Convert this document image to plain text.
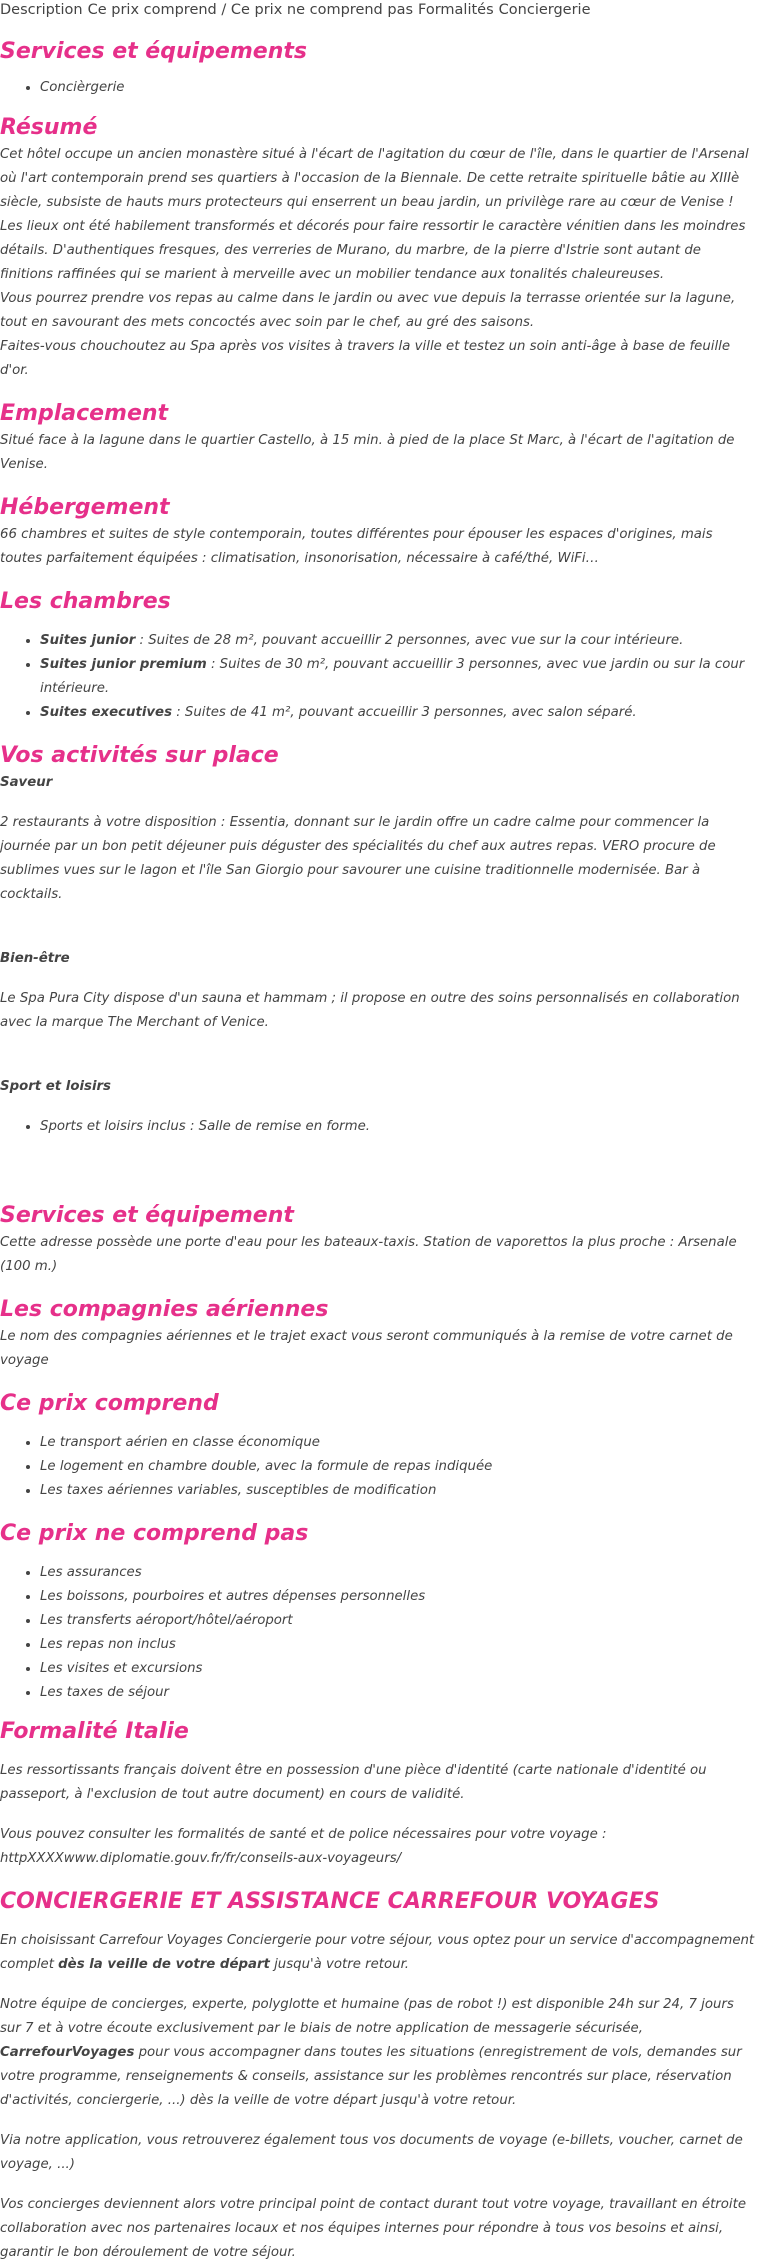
Description Ce prix comprend / Ce prix ne comprend pas Formalités Conciergerie
Services et équipements
• Concièrgerie
Résumé

Cet hôtel occupe un ancien monastère situé à l'écart de l'agitation du cœur de l'île, dans le quartier de l'Arsenal où l'art contemporain prend ses quartiers à l'occasion de la Biennale. De cette retraite spirituelle bâtie au XIIIè siècle, subsiste de hauts murs protecteurs qui enserrent un beau jardin, un privilège rare au cœur de Venise ! Les lieux ont été habilement transformés et décorés pour faire ressortir le caractère vénitien dans les moindres détails. D'authentiques fresques, des verreries de Murano, du marbre, de la pierre d'Istrie sont autant de finitions raffinées qui se marient à merveille avec un mobilier tendance aux tonalités chaleureuses.

Vous pourrez prendre vos repas au calme dans le jardin ou avec vue depuis la terrasse orientée sur la lagune, tout en savourant des mets concoctés avec soin par le chef, au gré des saisons.

Faites-vous chouchoutez au Spa après vos visites à travers la ville et testez un soin anti-âge à base de feuille d'or.

Emplacement

Situé face à la lagune dans le quartier Castello, à 15 min. à pied de la place St Marc, à l'écart de l'agitation de Venise.

Hébergement

66 chambres et suites de style contemporain, toutes différentes pour épouser les espaces d'origines, mais toutes parfaitement équipées : climatisation, insonorisation, nécessaire à café/thé, WiFi…

Les chambres
• Suites junior : Suites de 28 m², pouvant accueillir 2 personnes, avec vue sur la cour intérieure.
• Suites junior premium : Suites de 30 m², pouvant accueillir 3 personnes, avec vue jardin ou sur la cour intérieure.
• Suites executives : Suites de 41 m², pouvant accueillir 3 personnes, avec salon séparé.
Vos activités sur place
Saveur

2 restaurants à votre disposition : Essentia, donnant sur le jardin offre un cadre calme pour commencer la journée par un bon petit déjeuner puis déguster des spécialités du chef aux autres repas. VERO procure de sublimes vues sur le lagon et l'île San Giorgio pour savourer une cuisine traditionnelle modernisée. Bar à cocktails.

Bien-être

Le Spa Pura City dispose d'un sauna et hammam ; il propose en outre des soins personnalisés en collaboration avec la marque The Merchant of Venice.

Sport et loisirs
• Sports et loisirs inclus : Salle de remise en forme.
Services et équipement

Cette adresse possède une porte d'eau pour les bateaux-taxis. Station de vaporettos la plus proche : Arsenale (100 m.)

Les compagnies aériennes

Le nom des compagnies aériennes et le trajet exact vous seront communiqués à la remise de votre carnet de voyage

Ce prix comprend
• Le transport aérien en classe économique
• Le logement en chambre double, avec la formule de repas indiquée
• Les taxes aériennes variables, susceptibles de modification
Ce prix ne comprend pas
• Les assurances
• Les boissons, pourboires et autres dépenses personnelles
• Les transferts aéroport/hôtel/aéroport
• Les repas non inclus
• Les visites et excursions
• Les taxes de séjour
Formalité Italie

Les ressortissants français doivent être en possession d'une pièce d'identité (carte nationale d'identité ou passeport, à l'exclusion de tout autre document) en cours de validité.

Vous pouvez consulter les formalités de santé et de police nécessaires pour votre voyage : httpXXXXwww.diplomatie.gouv.fr/fr/conseils-aux-voyageurs/

CONCIERGERIE ET ASSISTANCE CARREFOUR VOYAGES

En choisissant Carrefour Voyages Conciergerie pour votre séjour, vous optez pour un service d'accompagnement complet dès la veille de votre départ jusqu'à votre retour.

Notre équipe de concierges, experte, polyglotte et humaine (pas de robot !) est disponible 24h sur 24, 7 jours sur 7 et à votre écoute exclusivement par le biais de notre application de messagerie sécurisée, CarrefourVoyages pour vous accompagner dans toutes les situations (enregistrement de vols, demandes sur votre programme, renseignements & conseils, assistance sur les problèmes rencontrés sur place, réservation d'activités, conciergerie, ...) dès la veille de votre départ jusqu'à votre retour.

Via notre application, vous retrouverez également tous vos documents de voyage (e-billets, voucher, carnet de voyage, ...)

Vos concierges deviennent alors votre principal point de contact durant tout votre voyage, travaillant en étroite collaboration avec nos partenaires locaux et nos équipes internes pour répondre à tous vos besoins et ainsi, garantir le bon déroulement de votre séjour.
